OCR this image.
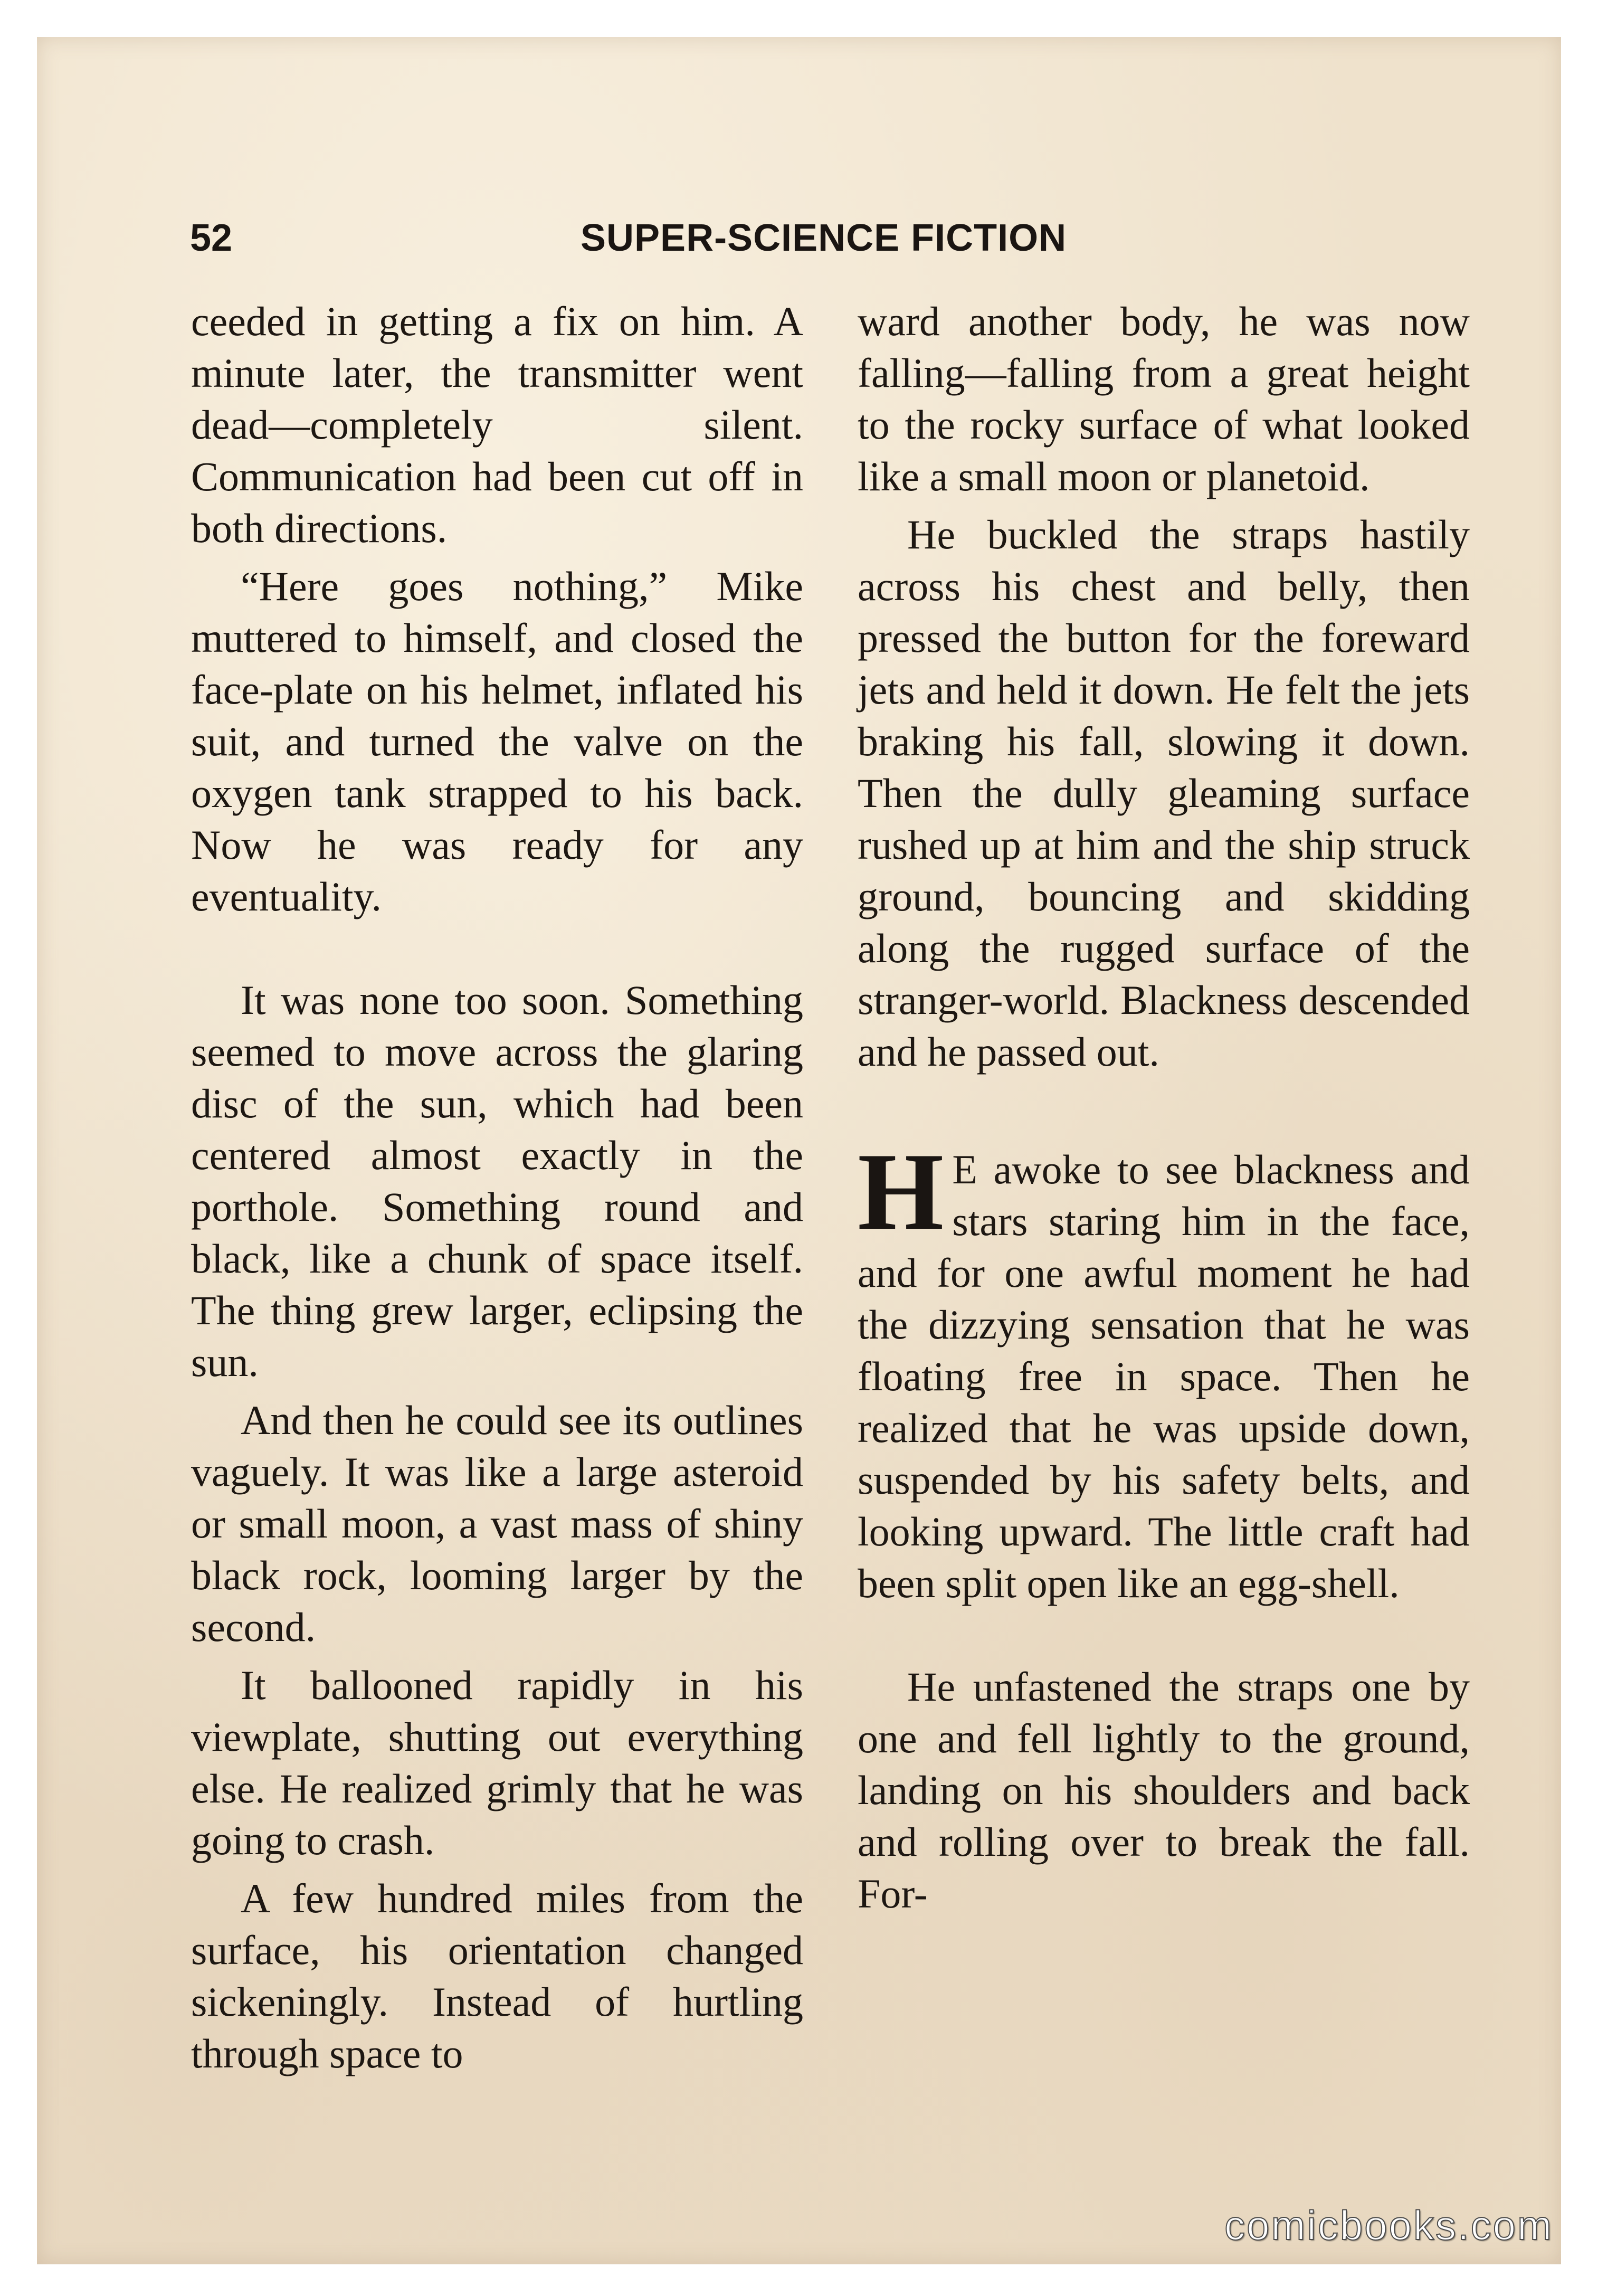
52	SUPER-SCIENCE FICTION

ceeded in getting a fix on him. A minute later, the transmitter went dead—completely silent. Communication had been cut off in both directions.

“Here goes nothing,” Mike muttered to himself, and closed the face-plate on his helmet, inflated his suit, and turned the valve on the oxygen tank strapped to his back. Now he was ready for any eventuality.

It was none too soon. Something seemed to move across the glaring disc of the sun, which had been centered almost exactly in the porthole. Something round and black, like a chunk of space itself. The thing grew larger, eclipsing the sun.

And then he could see its outlines vaguely. It was like a large asteroid or small moon, a vast mass of shiny black rock, looming larger by the second.

It ballooned rapidly in his viewplate, shutting out everything else. He realized grimly that he was going to crash.

A few hundred miles from the surface, his orientation changed sickeningly. Instead of hurtling through space to

ward another body, he was now falling—falling from a great height to the rocky surface of what looked like a small moon or planetoid.

He buckled the straps hastily across his chest and belly, then pressed the button for the foreward jets and held it down. He felt the jets braking his fall, slowing it down. Then the dully gleaming surface rushed up at him and the ship struck ground, bouncing and skidding along the rugged surface of the stranger-world. Blackness descended and he passed out.

H E awoke to see blackness and stars staring him in the face, and for one awful moment he had the dizzying sensation that he was floating free in space. Then he realized that he was upside down, suspended by his safety belts, and looking upward. The little craft had been split open like an egg-shell.

He unfastened the straps one by one and fell lightly to the ground, landing on his shoulders and back and rolling over to break the fall. For-

comicbooks.com
